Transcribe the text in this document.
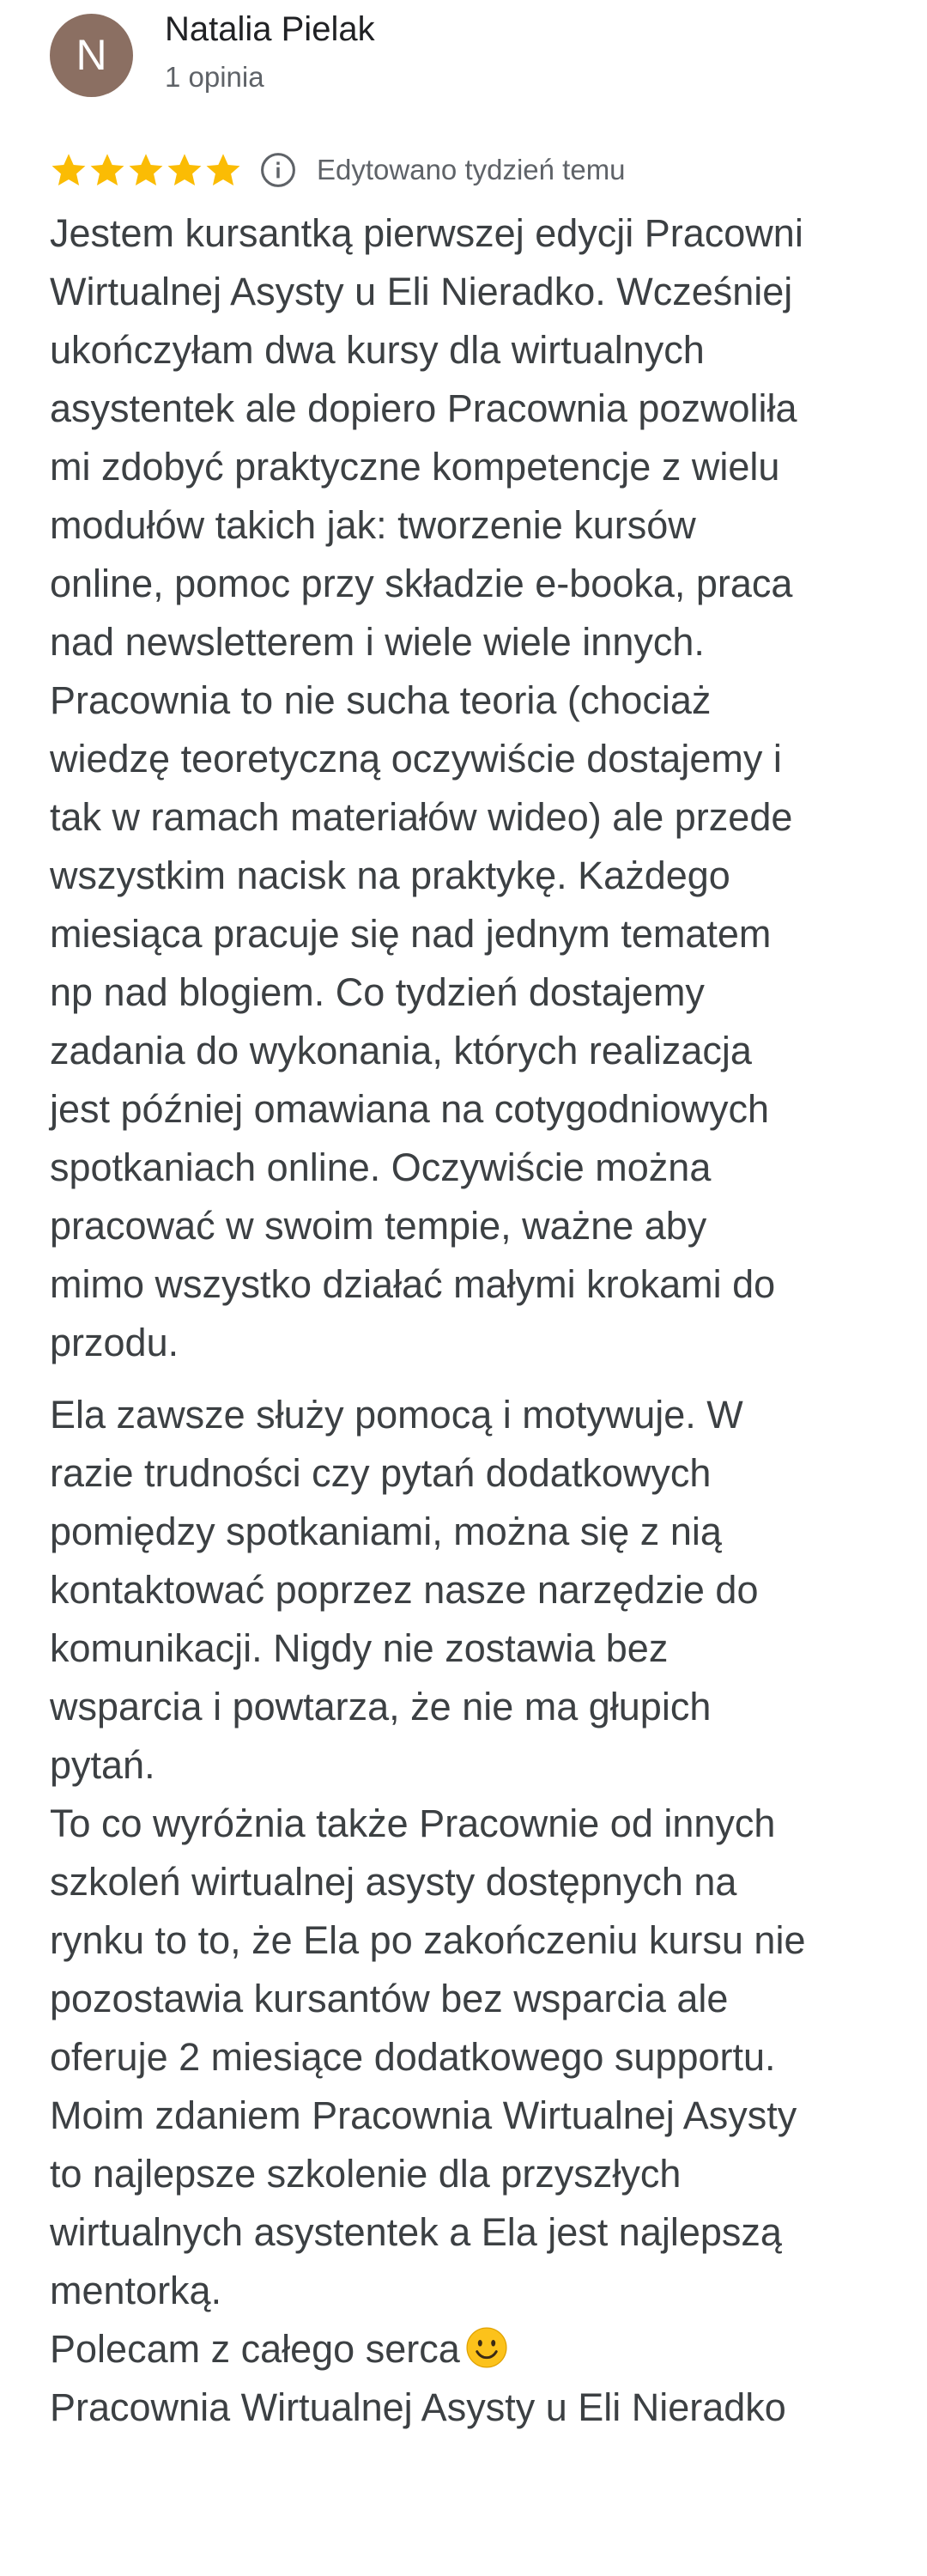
N
Natalia Pielak
1 opinia
Edytowano tydzień temu
Jestem kursantką pierwszej edycji Pracowni
Wirtualnej Asysty u Eli Nieradko. Wcześniej
ukończyłam dwa kursy dla wirtualnych
asystentek ale dopiero Pracownia pozwoliła
mi zdobyć praktyczne kompetencje z wielu
modułów takich jak: tworzenie kursów
online, pomoc przy składzie e-booka, praca
nad newsletterem i wiele wiele innych.
Pracownia to nie sucha teoria (chociaż
wiedzę teoretyczną oczywiście dostajemy i
tak w ramach materiałów wideo) ale przede
wszystkim nacisk na praktykę. Każdego
miesiąca pracuje się nad jednym tematem
np nad blogiem. Co tydzień dostajemy
zadania do wykonania, których realizacja
jest później omawiana na cotygodniowych
spotkaniach online. Oczywiście można
pracować w swoim tempie, ważne aby
mimo wszystko działać małymi krokami do
przodu.
Ela zawsze służy pomocą i motywuje. W
razie trudności czy pytań dodatkowych
pomiędzy spotkaniami, można się z nią
kontaktować poprzez nasze narzędzie do
komunikacji. Nigdy nie zostawia bez
wsparcia i powtarza, że nie ma głupich
pytań.
To co wyróżnia także Pracownie od innych
szkoleń wirtualnej asysty dostępnych na
rynku to to, że Ela po zakończeniu kursu nie
pozostawia kursantów bez wsparcia ale
oferuje 2 miesiące dodatkowego supportu.
Moim zdaniem Pracownia Wirtualnej Asysty
to najlepsze szkolenie dla przyszłych
wirtualnych asystentek a Ela jest najlepszą
mentorką.
Polecam z całego serca
Pracownia Wirtualnej Asysty u Eli Nieradko
